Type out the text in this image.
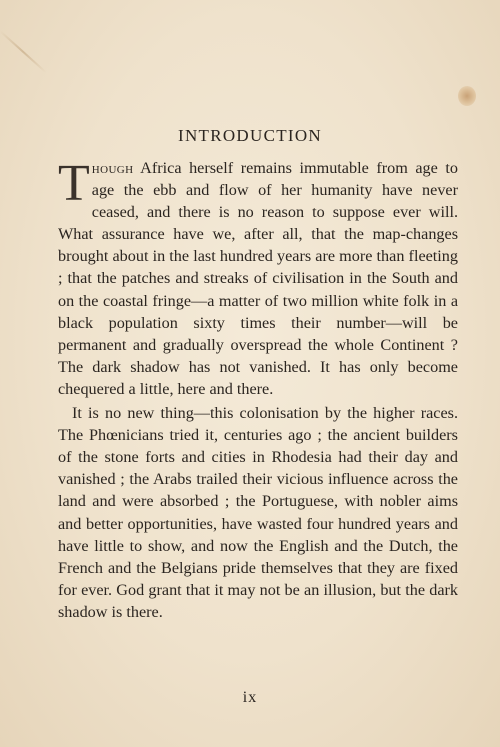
INTRODUCTION

Though Africa herself remains immutable from age to age the ebb and flow of her humanity have never ceased, and there is no reason to suppose ever will. What assurance have we, after all, that the map-changes brought about in the last hundred years are more than fleeting ; that the patches and streaks of civilisation in the South and on the coastal fringe—a matter of two million white folk in a black population sixty times their number—will be permanent and gradually overspread the whole Continent ? The dark shadow has not vanished. It has only become chequered a little, here and there.

It is no new thing—this colonisation by the higher races. The Phœnicians tried it, centuries ago ; the ancient builders of the stone forts and cities in Rhodesia had their day and vanished ; the Arabs trailed their vicious influence across the land and were absorbed ; the Portuguese, with nobler aims and better opportunities, have wasted four hundred years and have little to show, and now the English and the Dutch, the French and the Belgians pride themselves that they are fixed for ever. God grant that it may not be an illusion, but the dark shadow is there.

ix
